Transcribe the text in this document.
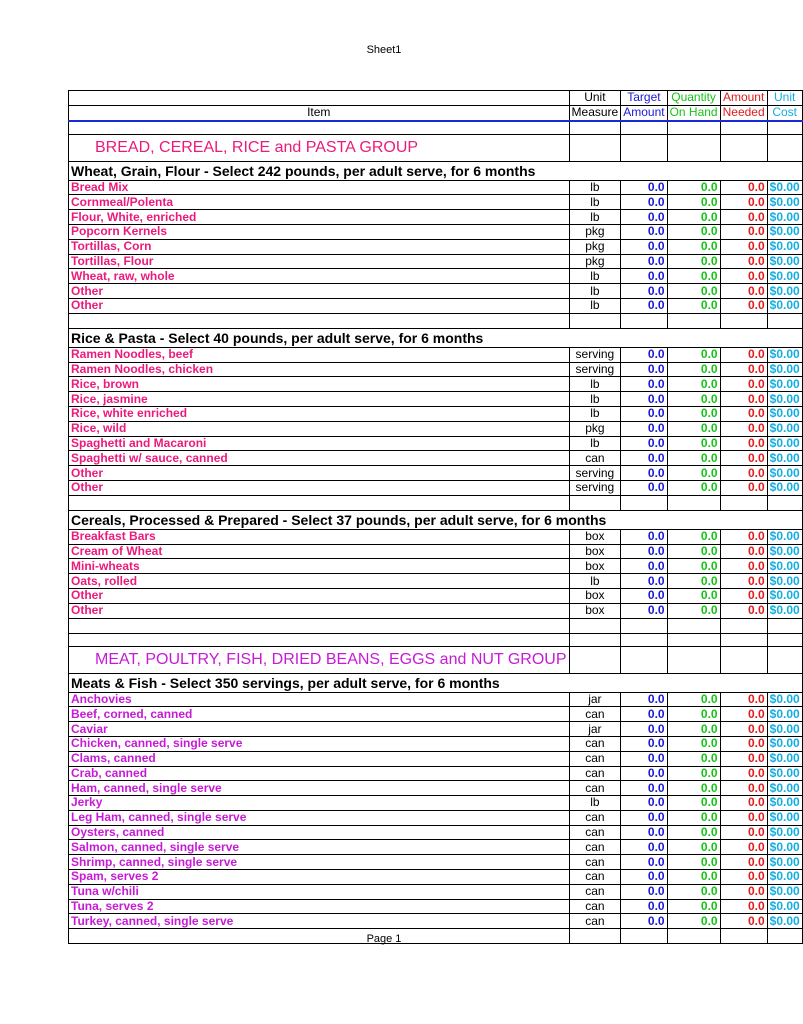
Sheet1
	Unit	Target	Quantity	Amount	Unit
Item	Measure	Amount	On Hand	Needed	Cost

BREAD, CEREAL, RICE and PASTA GROUP					
Wheat, Grain, Flour - Select 242 pounds, per adult serve, for 6 months					
Bread Mix	lb	0.0	0.0	0.0	$0.00
Cornmeal/Polenta	lb	0.0	0.0	0.0	$0.00
Flour, White, enriched	lb	0.0	0.0	0.0	$0.00
Popcorn Kernels	pkg	0.0	0.0	0.0	$0.00
Tortillas, Corn	pkg	0.0	0.0	0.0	$0.00
Tortillas, Flour	pkg	0.0	0.0	0.0	$0.00
Wheat, raw, whole	lb	0.0	0.0	0.0	$0.00
Other	lb	0.0	0.0	0.0	$0.00
Other	lb	0.0	0.0	0.0	$0.00

Rice & Pasta - Select 40 pounds, per adult serve, for 6 months					
Ramen Noodles, beef	serving	0.0	0.0	0.0	$0.00
Ramen Noodles, chicken	serving	0.0	0.0	0.0	$0.00
Rice, brown	lb	0.0	0.0	0.0	$0.00
Rice, jasmine	lb	0.0	0.0	0.0	$0.00
Rice, white enriched	lb	0.0	0.0	0.0	$0.00
Rice, wild	pkg	0.0	0.0	0.0	$0.00
Spaghetti and Macaroni	lb	0.0	0.0	0.0	$0.00
Spaghetti w/ sauce, canned	can	0.0	0.0	0.0	$0.00
Other	serving	0.0	0.0	0.0	$0.00
Other	serving	0.0	0.0	0.0	$0.00

Cereals, Processed & Prepared - Select 37 pounds, per adult serve, for 6 months					
Breakfast Bars	box	0.0	0.0	0.0	$0.00
Cream of Wheat	box	0.0	0.0	0.0	$0.00
Mini-wheats	box	0.0	0.0	0.0	$0.00
Oats, rolled	lb	0.0	0.0	0.0	$0.00
Other	box	0.0	0.0	0.0	$0.00
Other	box	0.0	0.0	0.0	$0.00

MEAT, POULTRY, FISH, DRIED BEANS, EGGS and NUT GROUP					
Meats & Fish - Select 350 servings, per adult serve, for 6 months					
Anchovies	jar	0.0	0.0	0.0	$0.00
Beef, corned, canned	can	0.0	0.0	0.0	$0.00
Caviar	jar	0.0	0.0	0.0	$0.00
Chicken, canned, single serve	can	0.0	0.0	0.0	$0.00
Clams, canned	can	0.0	0.0	0.0	$0.00
Crab, canned	can	0.0	0.0	0.0	$0.00
Ham, canned, single serve	can	0.0	0.0	0.0	$0.00
Jerky	lb	0.0	0.0	0.0	$0.00
Leg Ham, canned, single serve	can	0.0	0.0	0.0	$0.00
Oysters, canned	can	0.0	0.0	0.0	$0.00
Salmon, canned, single serve	can	0.0	0.0	0.0	$0.00
Shrimp, canned, single serve	can	0.0	0.0	0.0	$0.00
Spam, serves 2	can	0.0	0.0	0.0	$0.00
Tuna w/chili	can	0.0	0.0	0.0	$0.00
Tuna, serves 2	can	0.0	0.0	0.0	$0.00
Turkey, canned, single serve	can	0.0	0.0	0.0	$0.00

Page 1
